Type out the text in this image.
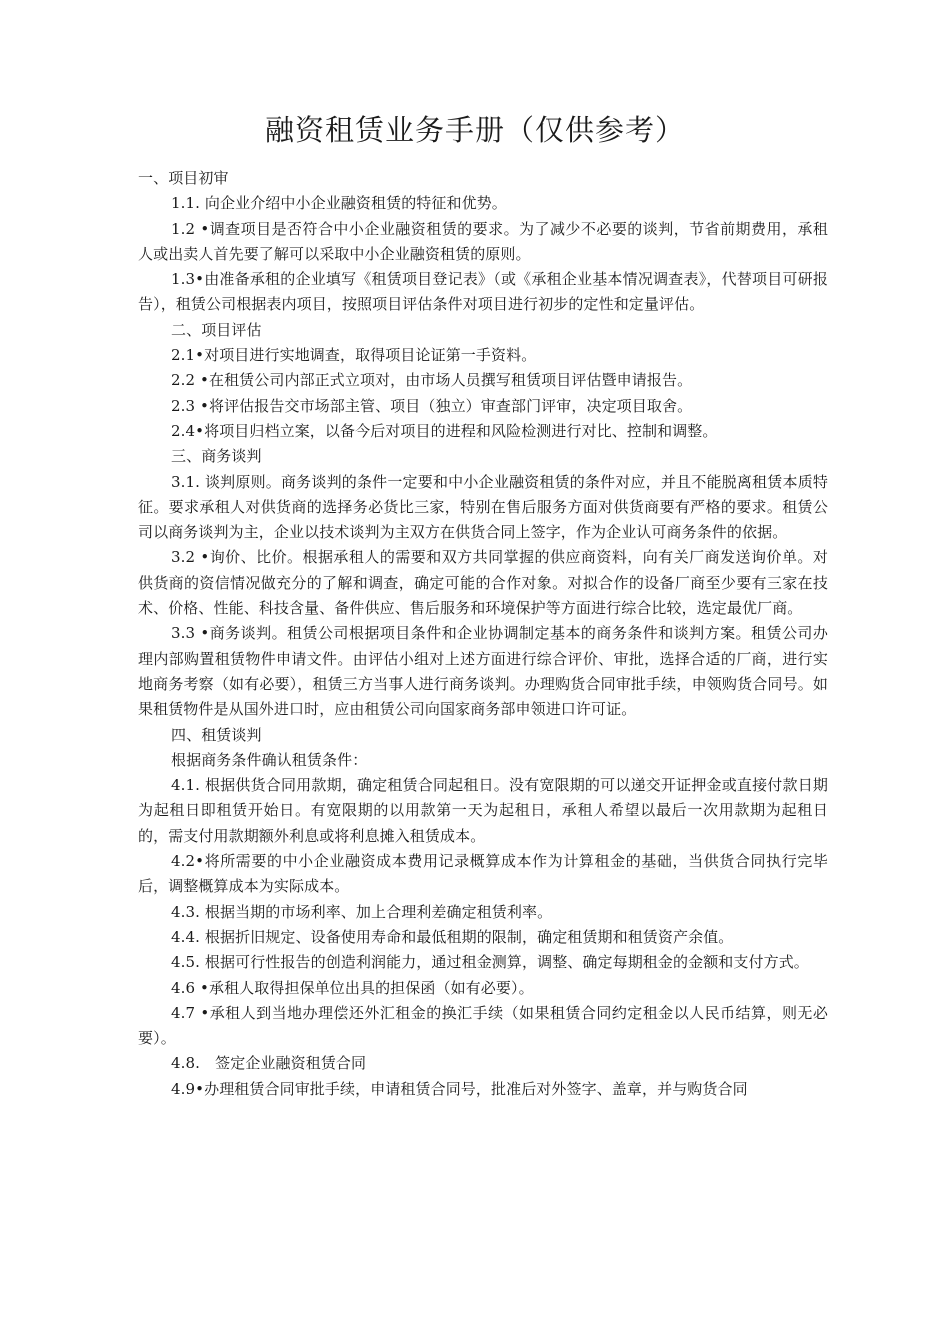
融资租赁业务手册（仅供参考）

一、项目初审

1.1. 向企业介绍中小企业融资租赁的特征和优势。

1.2 •调查项目是否符合中小企业融资租赁的要求。为了减少不必要的谈判，节省前期费用，承租人或出卖人首先要了解可以采取中小企业融资租赁的原则。

1.3•由准备承租的企业填写《租赁项目登记表》（或《承租企业基本情况调查表》，代替项目可研报告），租赁公司根据表内项目，按照项目评估条件对项目进行初步的定性和定量评估。

二、项目评估

2.1•对项目进行实地调查，取得项目论证第一手资料。

2.2 •在租赁公司内部正式立项对，由市场人员撰写租赁项目评估暨申请报告。

2.3 •将评估报告交市场部主管、项目（独立）审查部门评审，决定项目取舍。

2.4•将项目归档立案，以备今后对项目的进程和风险检测进行对比、控制和调整。

三、商务谈判

3.1. 谈判原则。商务谈判的条件一定要和中小企业融资租赁的条件对应，并且不能脱离租赁本质特征。要求承租人对供货商的选择务必货比三家，特别在售后服务方面对供货商要有严格的要求。租赁公司以商务谈判为主，企业以技术谈判为主双方在供货合同上签字，作为企业认可商务条件的依据。

3.2 •询价、比价。根据承租人的需要和双方共同掌握的供应商资料，向有关厂商发送询价单。对供货商的资信情况做充分的了解和调查，确定可能的合作对象。对拟合作的设备厂商至少要有三家在技术、价格、性能、科技含量、备件供应、售后服务和环境保护等方面进行综合比较，选定最优厂商。

3.3 •商务谈判。租赁公司根据项目条件和企业协调制定基本的商务条件和谈判方案。租赁公司办理内部购置租赁物件申请文件。由评估小组对上述方面进行综合评价、审批，选择合适的厂商，进行实地商务考察（如有必要），租赁三方当事人进行商务谈判。办理购货合同审批手续，申领购货合同号。如果租赁物件是从国外进口时，应由租赁公司向国家商务部申领进口许可证。

四、租赁谈判

根据商务条件确认租赁条件：

4.1. 根据供货合同用款期，确定租赁合同起租日。没有宽限期的可以递交开证押金或直接付款日期为起租日即租赁开始日。有宽限期的以用款第一天为起租日，承租人希望以最后一次用款期为起租日的，需支付用款期额外利息或将利息摊入租赁成本。

4.2•将所需要的中小企业融资成本费用记录概算成本作为计算租金的基础，当供货合同执行完毕后，调整概算成本为实际成本。

4.3. 根据当期的市场利率、加上合理利差确定租赁利率。

4.4. 根据折旧规定、设备使用寿命和最低租期的限制，确定租赁期和租赁资产余值。

4.5. 根据可行性报告的创造利润能力，通过租金测算，调整、确定每期租金的金额和支付方式。

4.6 •承租人取得担保单位出具的担保函（如有必要）。

4.7 •承租人到当地办理偿还外汇租金的换汇手续（如果租赁合同约定租金以人民币结算，则无必要）。

4.8.　签定企业融资租赁合同

4.9•办理租赁合同审批手续，申请租赁合同号，批准后对外签字、盖章，并与购货合同
